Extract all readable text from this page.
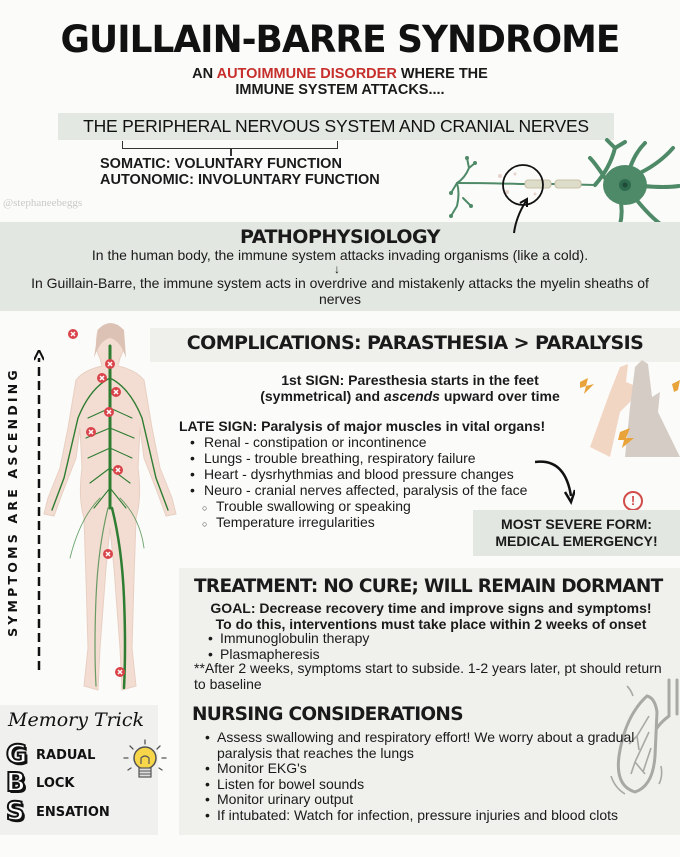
GUILLAIN-BARRE SYNDROME
AN AUTOIMMUNE DISORDER WHERE THE
IMMUNE SYSTEM ATTACKS....
THE PERIPHERAL NERVOUS SYSTEM AND CRANIAL NERVES
SOMATIC: VOLUNTARY FUNCTION
AUTONOMIC: INVOLUNTARY FUNCTION
@stephaneebeggs
PATHOPHYSIOLOGY
In the human body, the immune system attacks invading organisms (like a cold).
↓
In Guillain-Barre, the immune system acts in overdrive and mistakenly attacks the myelin sheaths of nerves
SYMPTOMS ARE ASCENDING
COMPLICATIONS: PARASTHESIA > PARALYSIS
1st SIGN: Paresthesia starts in the feet
(symmetrical) and ascends upward over time
LATE SIGN: Paralysis of major muscles in vital organs!
• Renal - constipation or incontinence
• Lungs - trouble breathing, respiratory failure
• Heart - dysrhythmias and blood pressure changes
• Neuro - cranial nerves affected, paralysis of the face
○ Trouble swallowing or speaking
○ Temperature irregularities
!
MOST SEVERE FORM:
MEDICAL EMERGENCY!
TREATMENT: NO CURE; WILL REMAIN DORMANT
GOAL: Decrease recovery time and improve signs and symptoms!
To do this, interventions must take place within 2 weeks of onset
• Immunoglobulin therapy
• Plasmapheresis
**After 2 weeks, symptoms start to subside. 1-2 years later, pt should return to baseline
NURSING CONSIDERATIONS
• Assess swallowing and respiratory effort! We worry about a gradual paralysis that reaches the lungs
• Monitor EKG's
• Listen for bowel sounds
• Monitor urinary output
• If intubated: Watch for infection, pressure injuries and blood clots
Memory Trick
G RADUAL
B LOCK
S ENSATION
